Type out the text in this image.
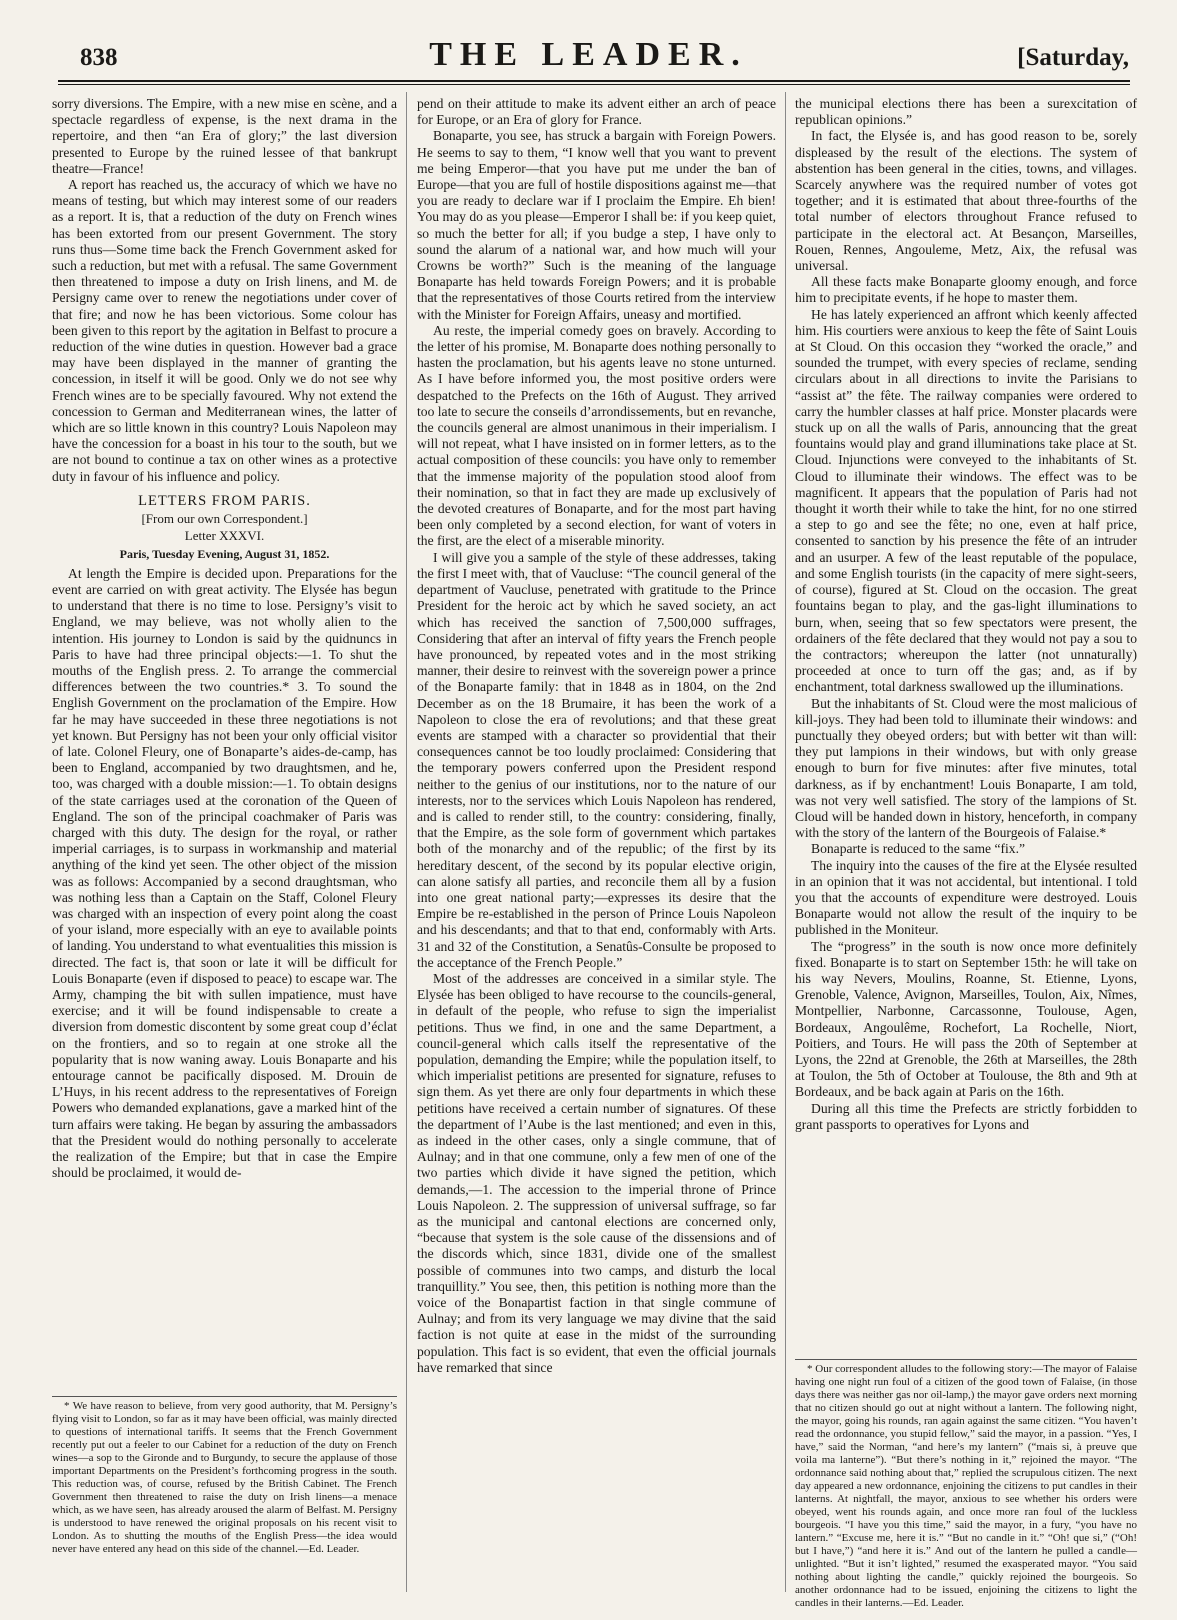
838	THE LEADER.	[Saturday,

sorry diversions. The Empire, with a new mise en scène, and a spectacle regardless of expense, is the next drama in the repertoire, and then “an Era of glory;” the last diversion presented to Europe by the ruined lessee of that bankrupt theatre—France!

A report has reached us, the accuracy of which we have no means of testing, but which may interest some of our readers as a report. It is, that a reduction of the duty on French wines has been extorted from our present Government. The story runs thus—Some time back the French Government asked for such a reduction, but met with a refusal. The same Government then threatened to impose a duty on Irish linens, and M. de Persigny came over to renew the negotiations under cover of that fire; and now he has been victorious. Some colour has been given to this report by the agitation in Belfast to procure a reduction of the wine duties in question. However bad a grace may have been displayed in the manner of granting the concession, in itself it will be good. Only we do not see why French wines are to be specially favoured. Why not extend the concession to German and Mediterranean wines, the latter of which are so little known in this country? Louis Napoleon may have the concession for a boast in his tour to the south, but we are not bound to continue a tax on other wines as a protective duty in favour of his influence and policy.

LETTERS FROM PARIS.
[From our own Correspondent.]
Letter XXXVI.
Paris, Tuesday Evening, August 31, 1852.

At length the Empire is decided upon. Preparations for the event are carried on with great activity. The Elysée has begun to understand that there is no time to lose. Persigny’s visit to England, we may believe, was not wholly alien to the intention. His journey to London is said by the quidnuncs in Paris to have had three principal objects:—1. To shut the mouths of the English press. 2. To arrange the commercial differences between the two countries.* 3. To sound the English Government on the proclamation of the Empire. How far he may have succeeded in these three negotiations is not yet known. But Persigny has not been your only official visitor of late. Colonel Fleury, one of Bonaparte’s aides-de-camp, has been to England, accompanied by two draughtsmen, and he, too, was charged with a double mission:—1. To obtain designs of the state carriages used at the coronation of the Queen of England. The son of the principal coachmaker of Paris was charged with this duty. The design for the royal, or rather imperial carriages, is to surpass in workmanship and material anything of the kind yet seen. The other object of the mission was as follows: Accompanied by a second draughtsman, who was nothing less than a Captain on the Staff, Colonel Fleury was charged with an inspection of every point along the coast of your island, more especially with an eye to available points of landing. You understand to what eventualities this mission is directed. The fact is, that soon or late it will be difficult for Louis Bonaparte (even if disposed to peace) to escape war. The Army, champing the bit with sullen impatience, must have exercise; and it will be found indispensable to create a diversion from domestic discontent by some great coup d’éclat on the frontiers, and so to regain at one stroke all the popularity that is now waning away. Louis Bonaparte and his entourage cannot be pacifically disposed. M. Drouin de L’Huys, in his recent address to the representatives of Foreign Powers who demanded explanations, gave a marked hint of the turn affairs were taking. He began by assuring the ambassadors that the President would do nothing personally to accelerate the realization of the Empire; but that in case the Empire should be proclaimed, it would de-

* We have reason to believe, from very good authority, that M. Persigny’s flying visit to London, so far as it may have been official, was mainly directed to questions of international tariffs. It seems that the French Government recently put out a feeler to our Cabinet for a reduction of the duty on French wines—a sop to the Gironde and to Burgundy, to secure the applause of those important Departments on the President’s forthcoming progress in the south. This reduction was, of course, refused by the British Cabinet. The French Government then threatened to raise the duty on Irish linens—a menace which, as we have seen, has already aroused the alarm of Belfast. M. Persigny is understood to have renewed the original proposals on his recent visit to London. As to shutting the mouths of the English Press—the idea would never have entered any head on this side of the channel.—Ed. Leader.

pend on their attitude to make its advent either an arch of peace for Europe, or an Era of glory for France.

Bonaparte, you see, has struck a bargain with Foreign Powers. He seems to say to them, “I know well that you want to prevent me being Emperor—that you have put me under the ban of Europe—that you are full of hostile dispositions against me—that you are ready to declare war if I proclaim the Empire. Eh bien! You may do as you please—Emperor I shall be: if you keep quiet, so much the better for all; if you budge a step, I have only to sound the alarum of a national war, and how much will your Crowns be worth?” Such is the meaning of the language Bonaparte has held towards Foreign Powers; and it is probable that the representatives of those Courts retired from the interview with the Minister for Foreign Affairs, uneasy and mortified.

Au reste, the imperial comedy goes on bravely. According to the letter of his promise, M. Bonaparte does nothing personally to hasten the proclamation, but his agents leave no stone unturned. As I have before informed you, the most positive orders were despatched to the Prefects on the 16th of August. They arrived too late to secure the conseils d’arrondissements, but en revanche, the councils general are almost unanimous in their imperialism. I will not repeat, what I have insisted on in former letters, as to the actual composition of these councils: you have only to remember that the immense majority of the population stood aloof from their nomination, so that in fact they are made up exclusively of the devoted creatures of Bonaparte, and for the most part having been only completed by a second election, for want of voters in the first, are the elect of a miserable minority.

I will give you a sample of the style of these addresses, taking the first I meet with, that of Vaucluse: “The council general of the department of Vaucluse, penetrated with gratitude to the Prince President for the heroic act by which he saved society, an act which has received the sanction of 7,500,000 suffrages, Considering that after an interval of fifty years the French people have pronounced, by repeated votes and in the most striking manner, their desire to reinvest with the sovereign power a prince of the Bonaparte family: that in 1848 as in 1804, on the 2nd December as on the 18 Brumaire, it has been the work of a Napoleon to close the era of revolutions; and that these great events are stamped with a character so providential that their consequences cannot be too loudly proclaimed: Considering that the temporary powers conferred upon the President respond neither to the genius of our institutions, nor to the nature of our interests, nor to the services which Louis Napoleon has rendered, and is called to render still, to the country: considering, finally, that the Empire, as the sole form of government which partakes both of the monarchy and of the republic; of the first by its hereditary descent, of the second by its popular elective origin, can alone satisfy all parties, and reconcile them all by a fusion into one great national party;—expresses its desire that the Empire be re-established in the person of Prince Louis Napoleon and his descendants; and that to that end, conformably with Arts. 31 and 32 of the Constitution, a Senatûs-Consulte be proposed to the acceptance of the French People.”

Most of the addresses are conceived in a similar style. The Elysée has been obliged to have recourse to the councils-general, in default of the people, who refuse to sign the imperialist petitions. Thus we find, in one and the same Department, a council-general which calls itself the representative of the population, demanding the Empire; while the population itself, to which imperialist petitions are presented for signature, refuses to sign them. As yet there are only four departments in which these petitions have received a certain number of signatures. Of these the department of l’Aube is the last mentioned; and even in this, as indeed in the other cases, only a single commune, that of Aulnay; and in that one commune, only a few men of one of the two parties which divide it have signed the petition, which demands,—1. The accession to the imperial throne of Prince Louis Napoleon. 2. The suppression of universal suffrage, so far as the municipal and cantonal elections are concerned only, “because that system is the sole cause of the dissensions and of the discords which, since 1831, divide one of the smallest possible of communes into two camps, and disturb the local tranquillity.” You see, then, this petition is nothing more than the voice of the Bonapartist faction in that single commune of Aulnay; and from its very language we may divine that the said faction is not quite at ease in the midst of the surrounding population. This fact is so evident, that even the official journals have remarked that since

the municipal elections there has been a surexcitation of republican opinions.”

In fact, the Elysée is, and has good reason to be, sorely displeased by the result of the elections. The system of abstention has been general in the cities, towns, and villages. Scarcely anywhere was the required number of votes got together; and it is estimated that about three-fourths of the total number of electors throughout France refused to participate in the electoral act. At Besançon, Marseilles, Rouen, Rennes, Angouleme, Metz, Aix, the refusal was universal.

All these facts make Bonaparte gloomy enough, and force him to precipitate events, if he hope to master them.

He has lately experienced an affront which keenly affected him. His courtiers were anxious to keep the fête of Saint Louis at St Cloud. On this occasion they “worked the oracle,” and sounded the trumpet, with every species of reclame, sending circulars about in all directions to invite the Parisians to “assist at” the fête. The railway companies were ordered to carry the humbler classes at half price. Monster placards were stuck up on all the walls of Paris, announcing that the great fountains would play and grand illuminations take place at St. Cloud. Injunctions were conveyed to the inhabitants of St. Cloud to illuminate their windows. The effect was to be magnificent. It appears that the population of Paris had not thought it worth their while to take the hint, for no one stirred a step to go and see the fête; no one, even at half price, consented to sanction by his presence the fête of an intruder and an usurper. A few of the least reputable of the populace, and some English tourists (in the capacity of mere sight-seers, of course), figured at St. Cloud on the occasion. The great fountains began to play, and the gas-light illuminations to burn, when, seeing that so few spectators were present, the ordainers of the fête declared that they would not pay a sou to the contractors; whereupon the latter (not unnaturally) proceeded at once to turn off the gas; and, as if by enchantment, total darkness swallowed up the illuminations.

But the inhabitants of St. Cloud were the most malicious of kill-joys. They had been told to illuminate their windows: and punctually they obeyed orders; but with better wit than will: they put lampions in their windows, but with only grease enough to burn for five minutes: after five minutes, total darkness, as if by enchantment! Louis Bonaparte, I am told, was not very well satisfied. The story of the lampions of St. Cloud will be handed down in history, henceforth, in company with the story of the lantern of the Bourgeois of Falaise.*

Bonaparte is reduced to the same “fix.”

The inquiry into the causes of the fire at the Elysée resulted in an opinion that it was not accidental, but intentional. I told you that the accounts of expenditure were destroyed. Louis Bonaparte would not allow the result of the inquiry to be published in the Moniteur.

The “progress” in the south is now once more definitely fixed. Bonaparte is to start on September 15th: he will take on his way Nevers, Moulins, Roanne, St. Etienne, Lyons, Grenoble, Valence, Avignon, Marseilles, Toulon, Aix, Nîmes, Montpellier, Narbonne, Carcassonne, Toulouse, Agen, Bordeaux, Angoulême, Rochefort, La Rochelle, Niort, Poitiers, and Tours. He will pass the 20th of September at Lyons, the 22nd at Grenoble, the 26th at Marseilles, the 28th at Toulon, the 5th of October at Toulouse, the 8th and 9th at Bordeaux, and be back again at Paris on the 16th.

During all this time the Prefects are strictly forbidden to grant passports to operatives for Lyons and

* Our correspondent alludes to the following story:—The mayor of Falaise having one night run foul of a citizen of the good town of Falaise, (in those days there was neither gas nor oil-lamp,) the mayor gave orders next morning that no citizen should go out at night without a lantern. The following night, the mayor, going his rounds, ran again against the same citizen. “You haven’t read the ordonnance, you stupid fellow,” said the mayor, in a passion. “Yes, I have,” said the Norman, “and here’s my lantern” (“mais si, à preuve que voila ma lanterne”). “But there’s nothing in it,” rejoined the mayor. “The ordonnance said nothing about that,” replied the scrupulous citizen. The next day appeared a new ordonnance, enjoining the citizens to put candles in their lanterns. At nightfall, the mayor, anxious to see whether his orders were obeyed, went his rounds again, and once more ran foul of the luckless bourgeois. “I have you this time,” said the mayor, in a fury, “you have no lantern.” “Excuse me, here it is.” “But no candle in it.” “Oh! que si,” (“Oh! but I have,”) “and here it is.” And out of the lantern he pulled a candle—unlighted. “But it isn’t lighted,” resumed the exasperated mayor. “You said nothing about lighting the candle,” quickly rejoined the bourgeois. So another ordonnance had to be issued, enjoining the citizens to light the candles in their lanterns.—Ed. Leader.
